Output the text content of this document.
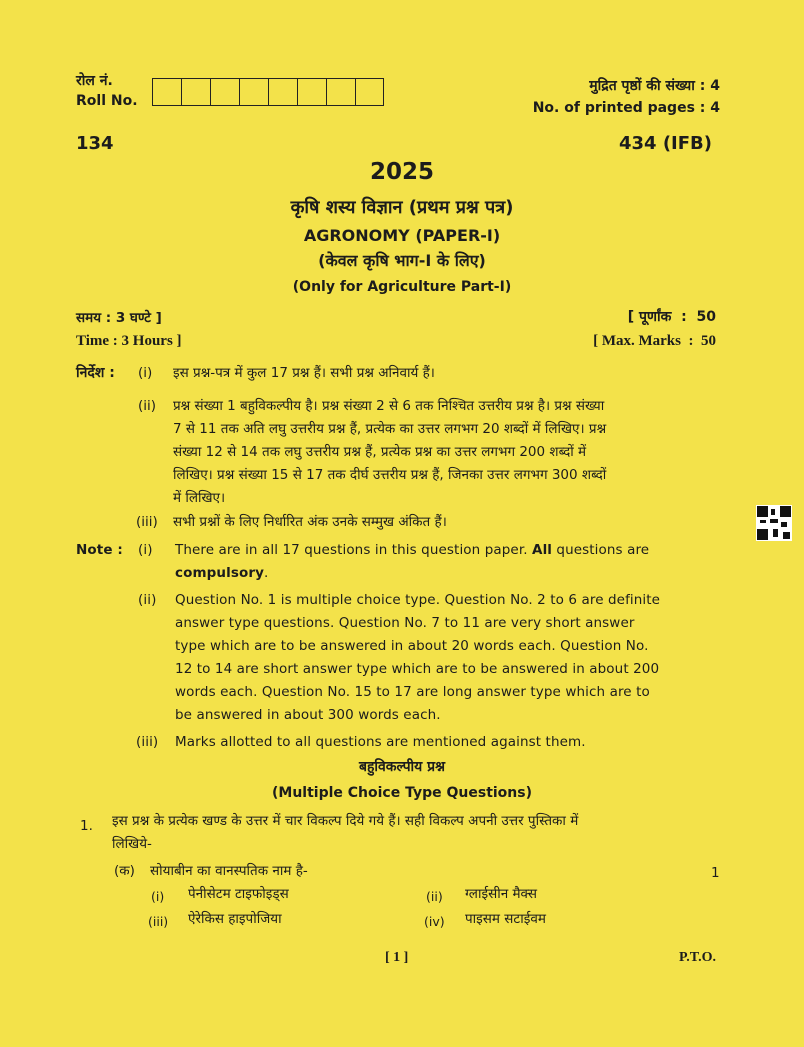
रोल नं.
Roll No.
मुद्रित पृष्ठों की संख्या : 4
No. of printed pages : 4
134	434 (IFB)
2025
कृषि शस्य विज्ञान (प्रथम प्रश्न पत्र)
AGRONOMY (PAPER-I)
(केवल कृषि भाग-I के लिए)
(Only for Agriculture Part-I)
समय : 3 घण्टे ]	[ पूर्णांक  :  50
Time : 3 Hours ]	[ Max. Marks  :  50
निर्देश : (i) इस प्रश्न-पत्र में कुल 17 प्रश्न हैं। सभी प्रश्न अनिवार्य हैं।
(ii) प्रश्न संख्या 1 बहुविकल्पीय है। प्रश्न संख्या 2 से 6 तक निश्चित उत्तरीय प्रश्न है। प्रश्न संख्या
7 से 11 तक अति लघु उत्तरीय प्रश्न हैं, प्रत्येक का उत्तर लगभग 20 शब्दों में लिखिए। प्रश्न
संख्या 12 से 14 तक लघु उत्तरीय प्रश्न हैं, प्रत्येक प्रश्न का उत्तर लगभग 200 शब्दों में
लिखिए। प्रश्न संख्या 15 से 17 तक दीर्घ उत्तरीय प्रश्न हैं, जिनका उत्तर लगभग 300 शब्दों
में लिखिए।
(iii) सभी प्रश्नों के लिए निर्धारित अंक उनके सम्मुख अंकित हैं।
Note : (i) There are in all 17 questions in this question paper. All questions are
compulsory.
(ii) Question No. 1 is multiple choice type. Question No. 2 to 6 are definite
answer type questions. Question No. 7 to 11 are very short answer
type which are to be answered in about 20 words each. Question No.
12 to 14 are short answer type which are to be answered in about 200
words each. Question No. 15 to 17 are long answer type which are to
be answered in about 300 words each.
(iii) Marks allotted to all questions are mentioned against them.
बहुविकल्पीय प्रश्न
(Multiple Choice Type Questions)
1. इस प्रश्न के प्रत्येक खण्ड के उत्तर में चार विकल्प दिये गये हैं। सही विकल्प अपनी उत्तर पुस्तिका में
लिखिये-
(क) सोयाबीन का वानस्पतिक नाम है-	1
(i) पेनीसेटम टाइफोइड्स	(ii) ग्लाईसीन मैक्स
(iii) ऐरेकिस हाइपोजिया	(iv) पाइसम सटाईवम
[ 1 ]	P.T.O.
